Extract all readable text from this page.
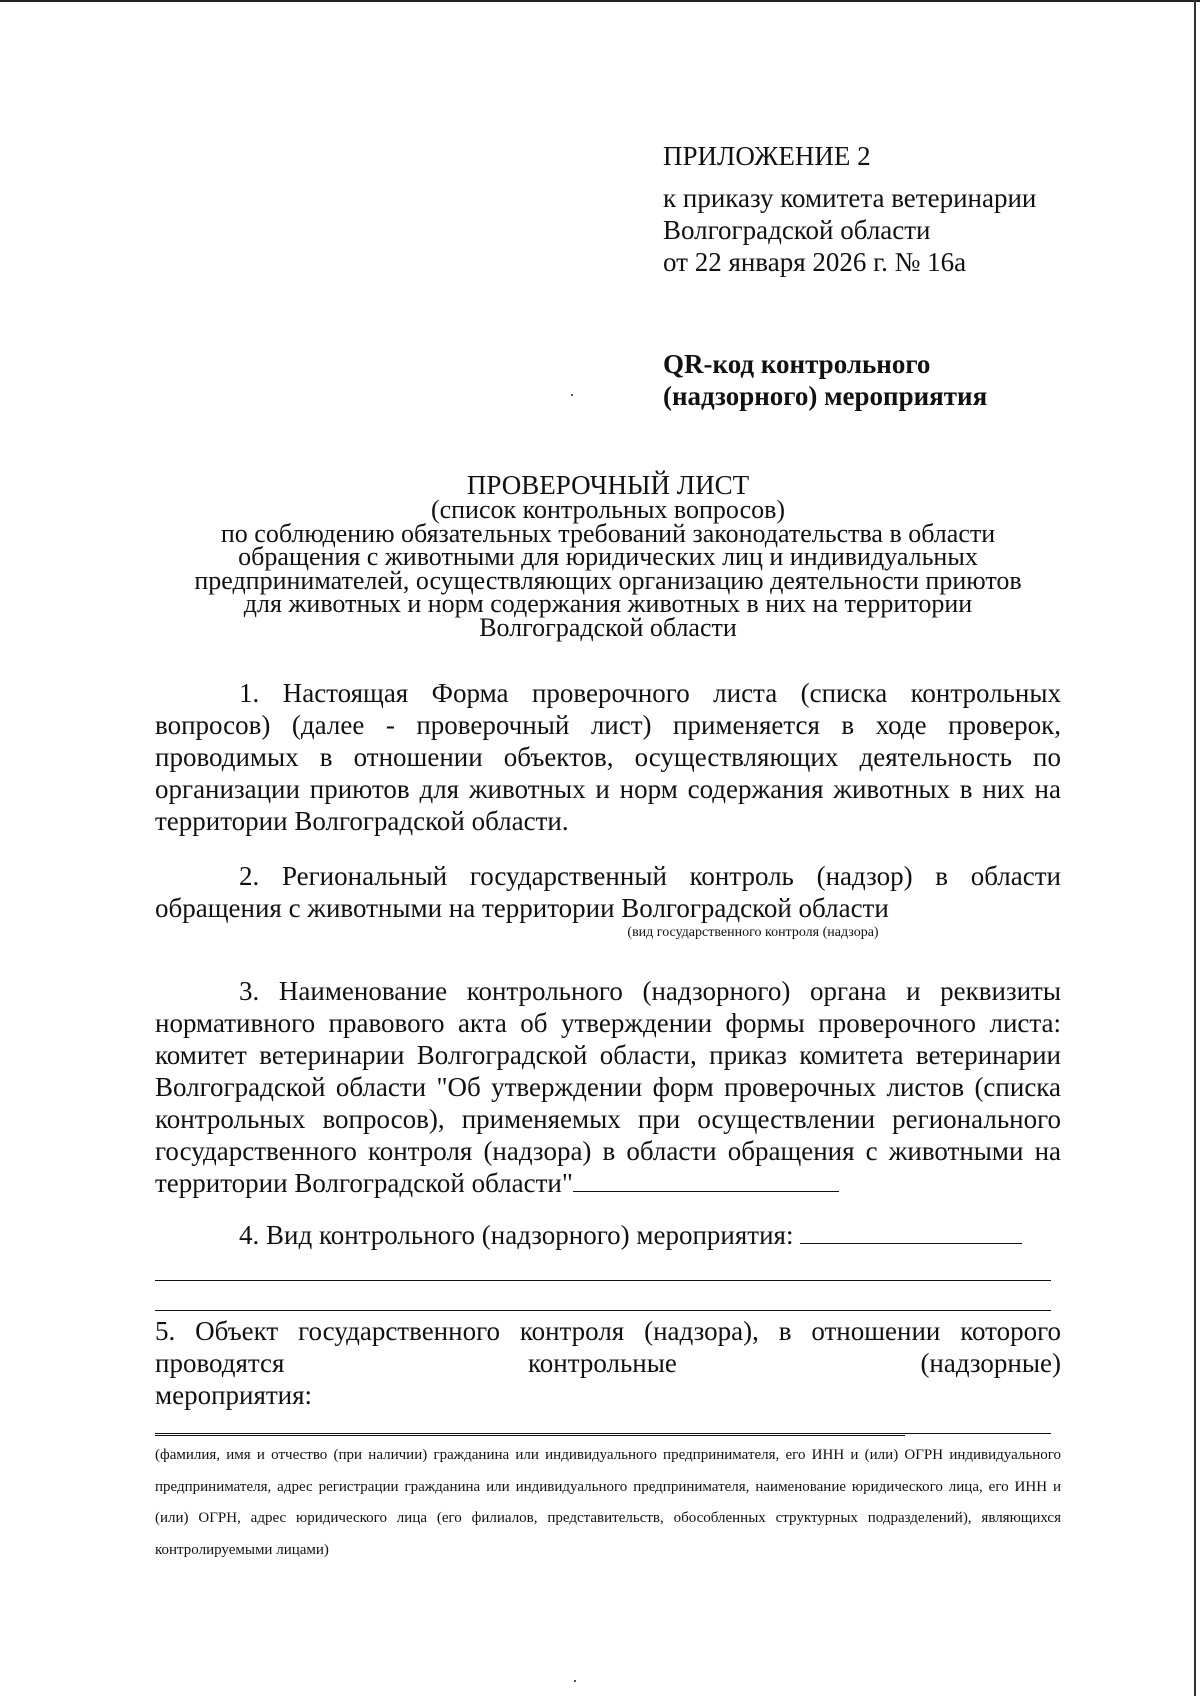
ПРИЛОЖЕНИЕ 2
к приказу комитета ветеринарии
Волгоградской области
от 22 января 2026 г. № 16а
QR-код контрольного
(надзорного) мероприятия
ПРОВЕРОЧНЫЙ ЛИСТ
(список контрольных вопросов)
по соблюдению обязательных требований законодательства в области
обращения с животными для юридических лиц и индивидуальных
предпринимателей, осуществляющих организацию деятельности приютов
для животных и норм содержания животных в них на территории
Волгоградской области

1. Настоящая Форма проверочного листа (списка контрольных вопросов) (далее - проверочный лист) применяется в ходе проверок, проводимых в отношении объектов, осуществляющих деятельность по организации приютов для животных и норм содержания животных в них на территории Волгоградской области.

2. Региональный государственный контроль (надзор) в области обращения с животными на территории Волгоградской области

(вид государственного контроля (надзора)

3. Наименование контрольного (надзорного) органа и реквизиты нормативного правового акта об утверждении формы проверочного листа: комитет ветеринарии Волгоградской области, приказ комитета ветеринарии Волгоградской области "Об утверждении форм проверочных листов (списка контрольных вопросов), применяемых при осуществлении регионального государственного контроля (надзора) в области обращения с животными на территории Волгоградской области"

4. Вид контрольного (надзорного) мероприятия:

5. Объект государственного контроля (надзора), в отношении которого

проводятся	контрольные	(надзорные)

мероприятия:

(фамилия, имя и отчество (при наличии) гражданина или индивидуального предпринимателя, его ИНН и (или) ОГРН индивидуального предпринимателя, адрес регистрации гражданина или индивидуального предпринимателя, наименование юридического лица, его ИНН и (или) ОГРН, адрес юридического лица (его филиалов, представительств, обособленных структурных подразделений), являющихся контролируемыми лицами)
